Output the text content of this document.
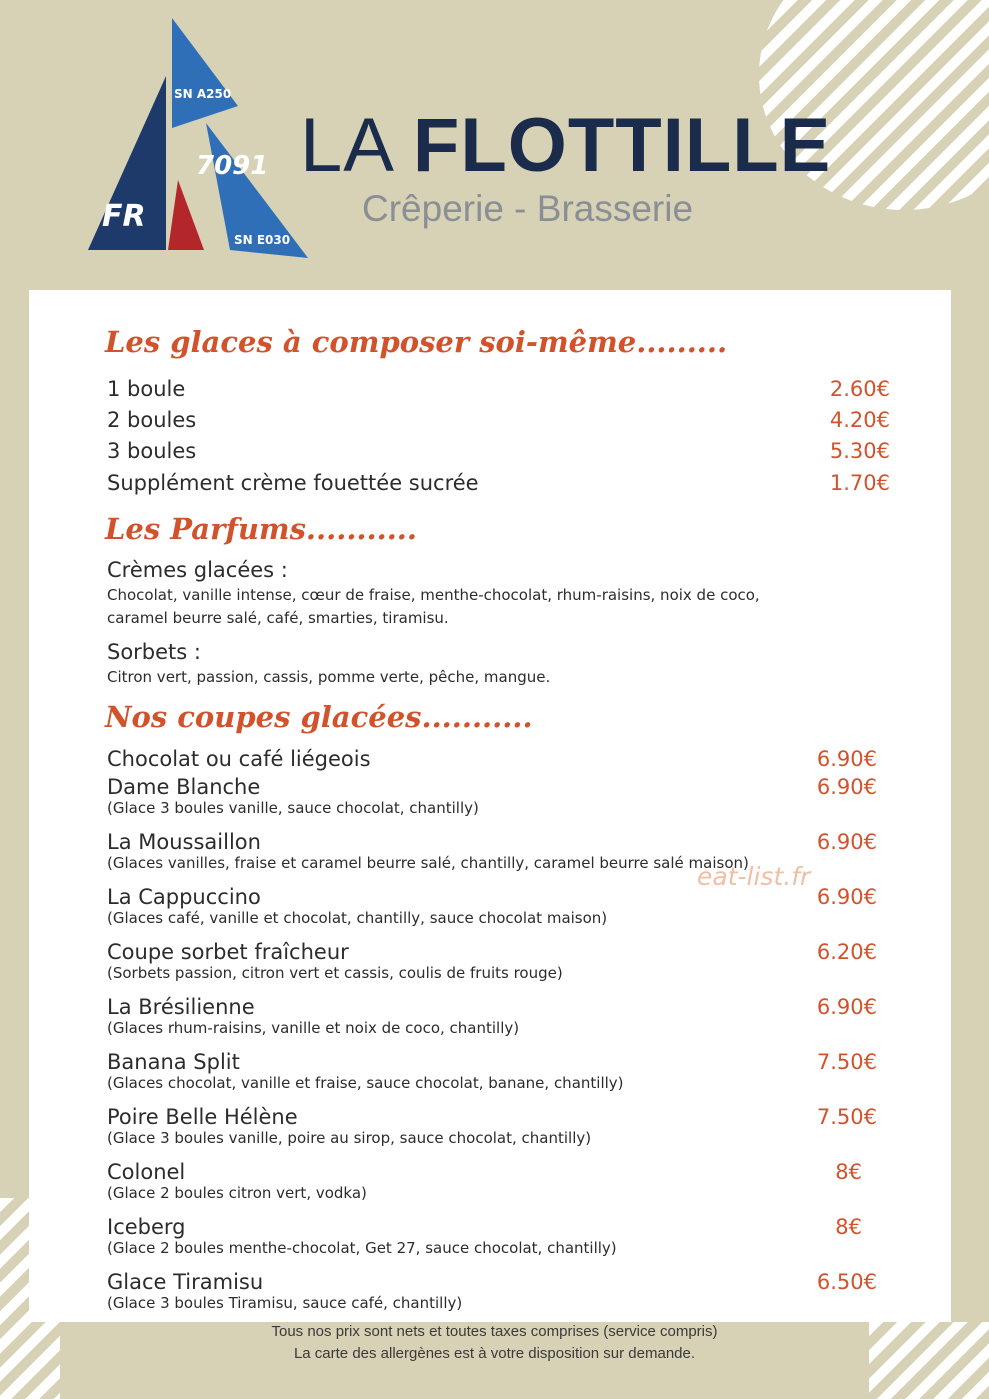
SN A250
7091
FR
SN E030
LA FLOTTILLE
Crêperie - Brasserie
Les glaces à composer soi-même.........
1 boule	2.60€
2 boules	4.20€
3 boules	5.30€
Supplément crème fouettée sucrée	1.70€
Les Parfums...........
Crèmes glacées :
Chocolat, vanille intense, cœur de fraise, menthe-chocolat, rhum-raisins, noix de coco, caramel beurre salé, café, smarties, tiramisu.
Sorbets :
Citron vert, passion, cassis, pomme verte, pêche, mangue.
Nos coupes glacées...........
Chocolat ou café liégeois	6.90€
Dame Blanche	6.90€
(Glace 3 boules vanille, sauce chocolat, chantilly)
La Moussaillon	6.90€
(Glaces vanilles, fraise et caramel beurre salé, chantilly, caramel beurre salé maison)
La Cappuccino	6.90€
(Glaces café, vanille et chocolat, chantilly, sauce chocolat maison)
Coupe sorbet fraîcheur	6.20€
(Sorbets passion, citron vert et cassis, coulis de fruits rouge)
La Brésilienne	6.90€
(Glaces rhum-raisins, vanille et noix de coco, chantilly)
Banana Split	7.50€
(Glaces chocolat, vanille et fraise, sauce chocolat, banane, chantilly)
Poire Belle Hélène	7.50€
(Glace 3 boules vanille, poire au sirop, sauce chocolat, chantilly)
Colonel	8€
(Glace 2 boules citron vert, vodka)
Iceberg	8€
(Glace 2 boules menthe-chocolat, Get 27, sauce chocolat, chantilly)
Glace Tiramisu	6.50€
(Glace 3 boules Tiramisu, sauce café, chantilly)
eat-list.fr
Tous nos prix sont nets et toutes taxes comprises (service compris)
La carte des allergènes est à votre disposition sur demande.
